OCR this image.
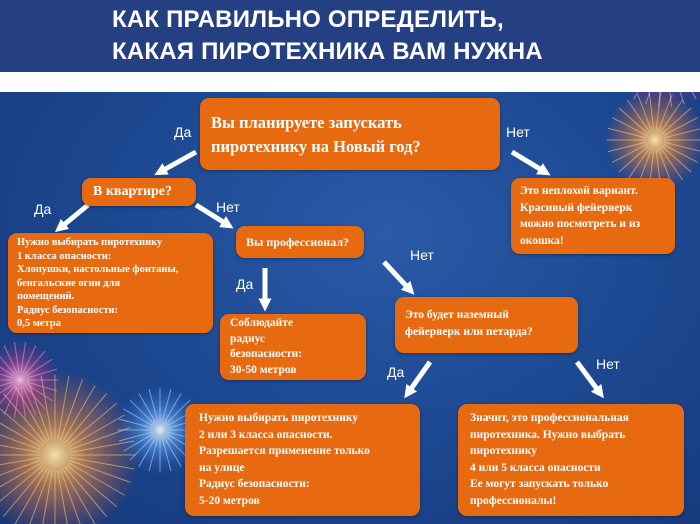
КАК ПРАВИЛЬНО ОПРЕДЕЛИТЬ,
КАКАЯ ПИРОТЕХНИКА ВАМ НУЖНА
Да	Нет
Да	Нет
Да
Нет
Да	Нет
Вы планируете запускать
пиротехнику на Новый год?
В квартире?	Это неплохой вариант.
Красивый фейерверк
можно посмотреть и из
окошка!
Нужно выбирать пиротехнику
1 класса опасности:
Хлопушки, настольные фонтаны,
бенгальские огни для
помещений.
Радиус безопасности:
0,5 метра
Вы профессионал?
Соблюдайте
радиус
безопасности:
30-50 метров
Это будет наземный
фейерверк или петарда?
Нужно выбирать пиротехнику
2 или 3 класса опасности.
Разрешается применение только
на улице
Радиус безопасности:
5-20 метров
Значит, это профессиональная
пиротехника. Нужно выбрать
пиротехнику
4 или 5 класса опасности
Ее могут запускать только
профессионалы!
